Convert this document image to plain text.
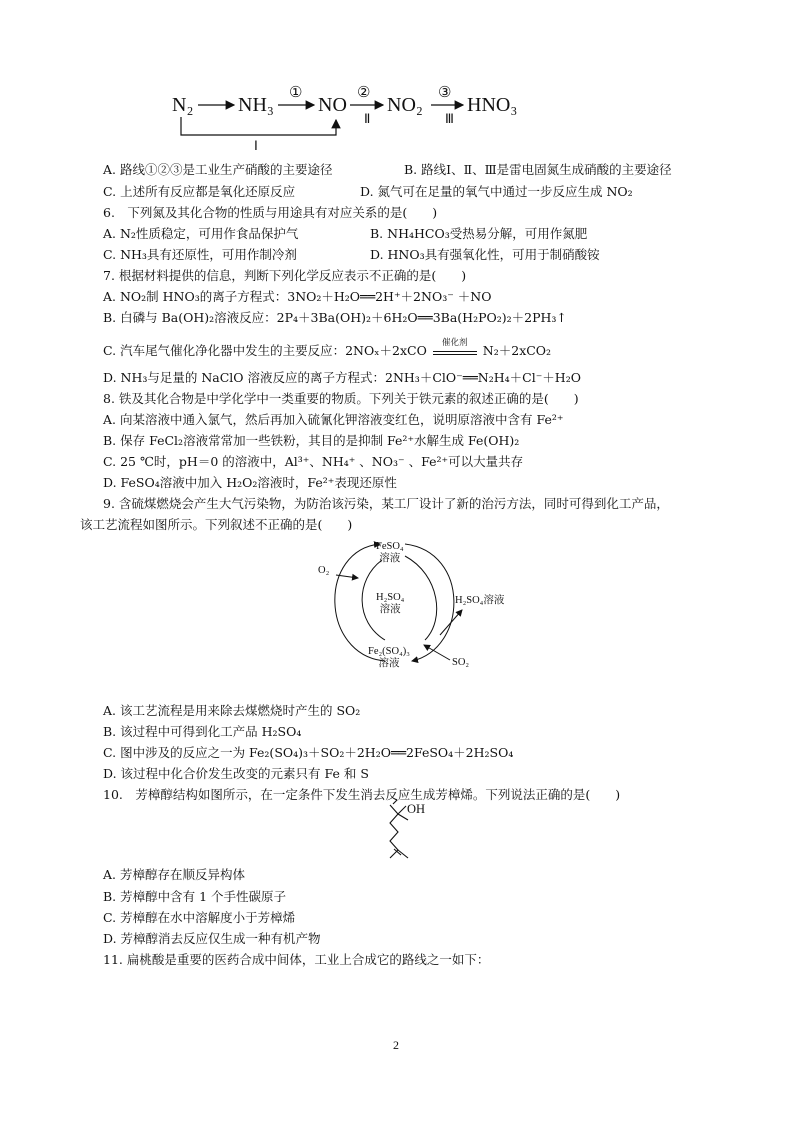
N₂ NH₃ NO NO₂ HNO₃
①	②	③
Ⅰ
Ⅱ	Ⅲ
A. 路线①②③是工业生产硝酸的主要途径	B. 路线Ⅰ、Ⅱ、Ⅲ是雷电固氮生成硝酸的主要途径
C. 上述所有反应都是氧化还原反应	D. 氮气可在足量的氧气中通过一步反应生成 NO₂
6.　下列氮及其化合物的性质与用途具有对应关系的是(　　)
A. N₂性质稳定，可用作食品保护气	B. NH₄HCO₃受热易分解，可用作氮肥
C. NH₃具有还原性，可用作制冷剂	D. HNO₃具有强氧化性，可用于制硝酸铵
7. 根据材料提供的信息，判断下列化学反应表示不正确的是(　　)
A. NO₂制 HNO₃的离子方程式：3NO₂＋H₂O══2H⁺＋2NO₃⁻ ＋NO
B. 白磷与 Ba(OH)₂溶液反应：2P₄＋3Ba(OH)₂＋6H₂O══3Ba(H₂PO₂)₂＋2PH₃↑
C. 汽车尾气催化净化器中发生的主要反应：2NOₓ＋2xCO	催化剂	N₂＋2xCO₂
D. NH₃与足量的 NaClO 溶液反应的离子方程式：2NH₃＋ClO⁻══N₂H₄＋Cl⁻＋H₂O
8. 铁及其化合物是中学化学中一类重要的物质。下列关于铁元素的叙述正确的是(　　)
A. 向某溶液中通入氯气，然后再加入硫氰化钾溶液变红色，说明原溶液中含有 Fe²⁺
B. 保存 FeCl₂溶液常常加一些铁粉，其目的是抑制 Fe²⁺水解生成 Fe(OH)₂
C. 25 ℃时，pH＝0 的溶液中，Al³⁺、NH₄⁺ 、NO₃⁻ 、Fe²⁺可以大量共存
D. FeSO₄溶液中加入 H₂O₂溶液时，Fe²⁺表现还原性
9. 含硫煤燃烧会产生大气污染物，为防治该污染，某工厂设计了新的治污方法，同时可得到化工产品，
该工艺流程如图所示。下列叙述不正确的是(　　)
FeSO₄
溶液
H₂SO₄
溶液
Fe₂(SO₄)₃
溶液
O₂
SO₂
H₂SO₄溶液
A. 该工艺流程是用来除去煤燃烧时产生的 SO₂
B. 该过程中可得到化工产品 H₂SO₄
C. 图中涉及的反应之一为 Fe₂(SO₄)₃＋SO₂＋2H₂O══2FeSO₄＋2H₂SO₄
D. 该过程中化合价发生改变的元素只有 Fe 和 S
10.　芳樟醇结构如图所示，在一定条件下发生消去反应生成芳樟烯。下列说法正确的是(　　)
OH
A. 芳樟醇存在顺反异构体
B. 芳樟醇中含有 1 个手性碳原子
C. 芳樟醇在水中溶解度小于芳樟烯
D. 芳樟醇消去反应仅生成一种有机产物
11. 扁桃酸是重要的医药合成中间体，工业上合成它的路线之一如下：
2
